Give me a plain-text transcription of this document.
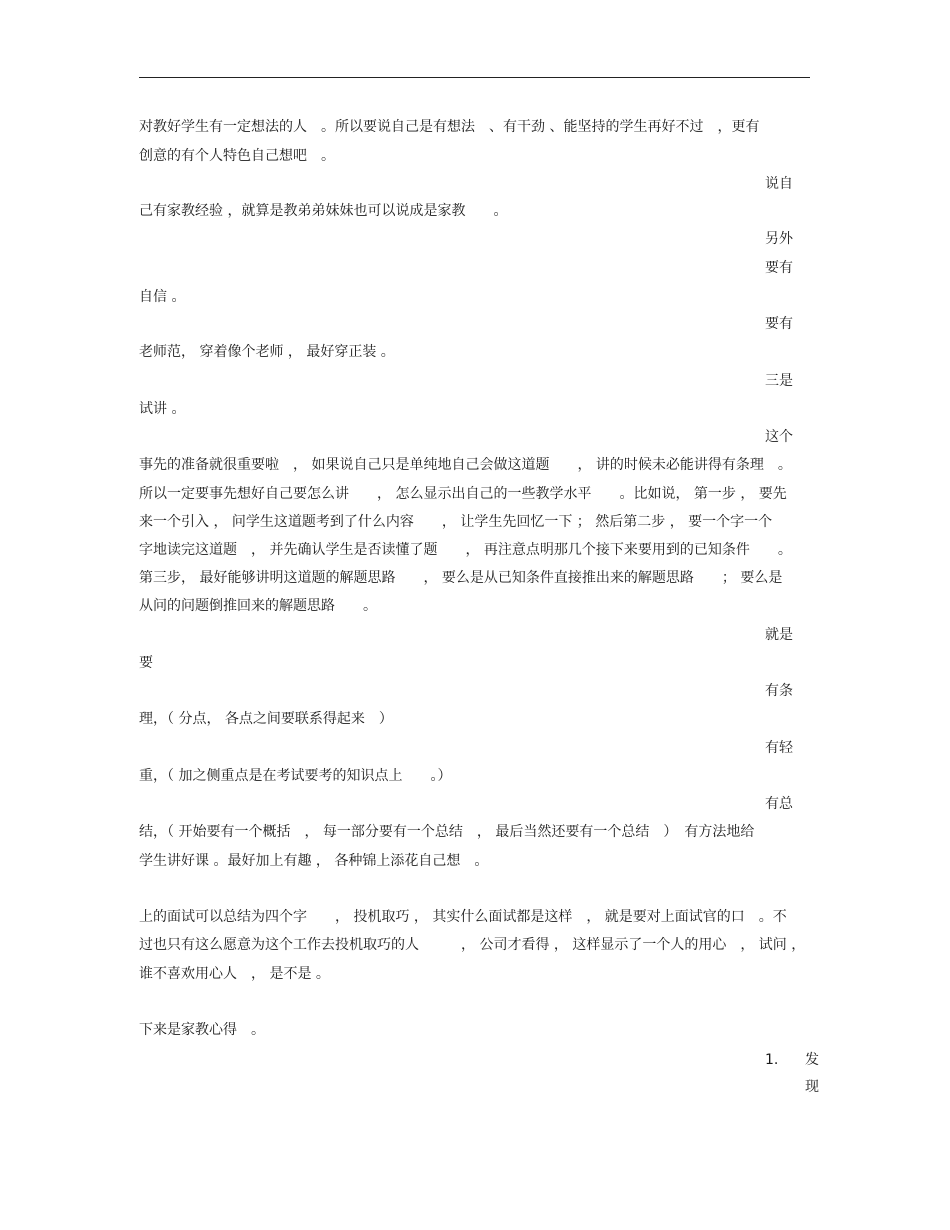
对教好学生有一定想法的人　。所以要说自己是有想法　、有干劲 、能坚持的学生再好不过　，更有
创意的有个人特色自己想吧　。
说自
己有家教经验 ，就算是教弟弟妹妹也可以说成是家教　　。
另外
要有
自信 。
要有
老师范， 穿着像个老师 ， 最好穿正装 。
三是
试讲 。
这个
事先的准备就很重要啦　， 如果说自己只是单纯地自己会做这道题　　， 讲的时候未必能讲得有条理　。
所以一定要事先想好自己要怎么讲　　， 怎么显示出自己的一些教学水平　　。比如说， 第一步 ， 要先
来一个引入 ， 问学生这道题考到了什么内容　　， 让学生先回忆一下 ； 然后第二步 ， 要一个字一个
字地读完这道题　， 并先确认学生是否读懂了题　　， 再注意点明那几个接下来要用到的已知条件　　。
第三步， 最好能够讲明这道题的解题思路　　， 要么是从已知条件直接推出来的解题思路　　； 要么是
从问的问题倒推回来的解题思路　　。
就是
要
有条
理，（ 分点， 各点之间要联系得起来　）
有轻
重，（ 加之侧重点是在考试要考的知识点上　　。）
有总
结，（ 开始要有一个概括　， 每一部分要有一个总结　， 最后当然还要有一个总结　）　有方法地给
学生讲好课 。最好加上有趣 ， 各种锦上添花自己想　。
上的面试可以总结为四个字　　， 投机取巧 ， 其实什么面试都是这样　， 就是要对上面试官的口　。不
过也只有这么愿意为这个工作去投机取巧的人　　　， 公司才看得 ， 这样显示了一个人的用心　， 试问 ，
谁不喜欢用心人　， 是不是 。
下来是家教心得　。
1. 发
现
